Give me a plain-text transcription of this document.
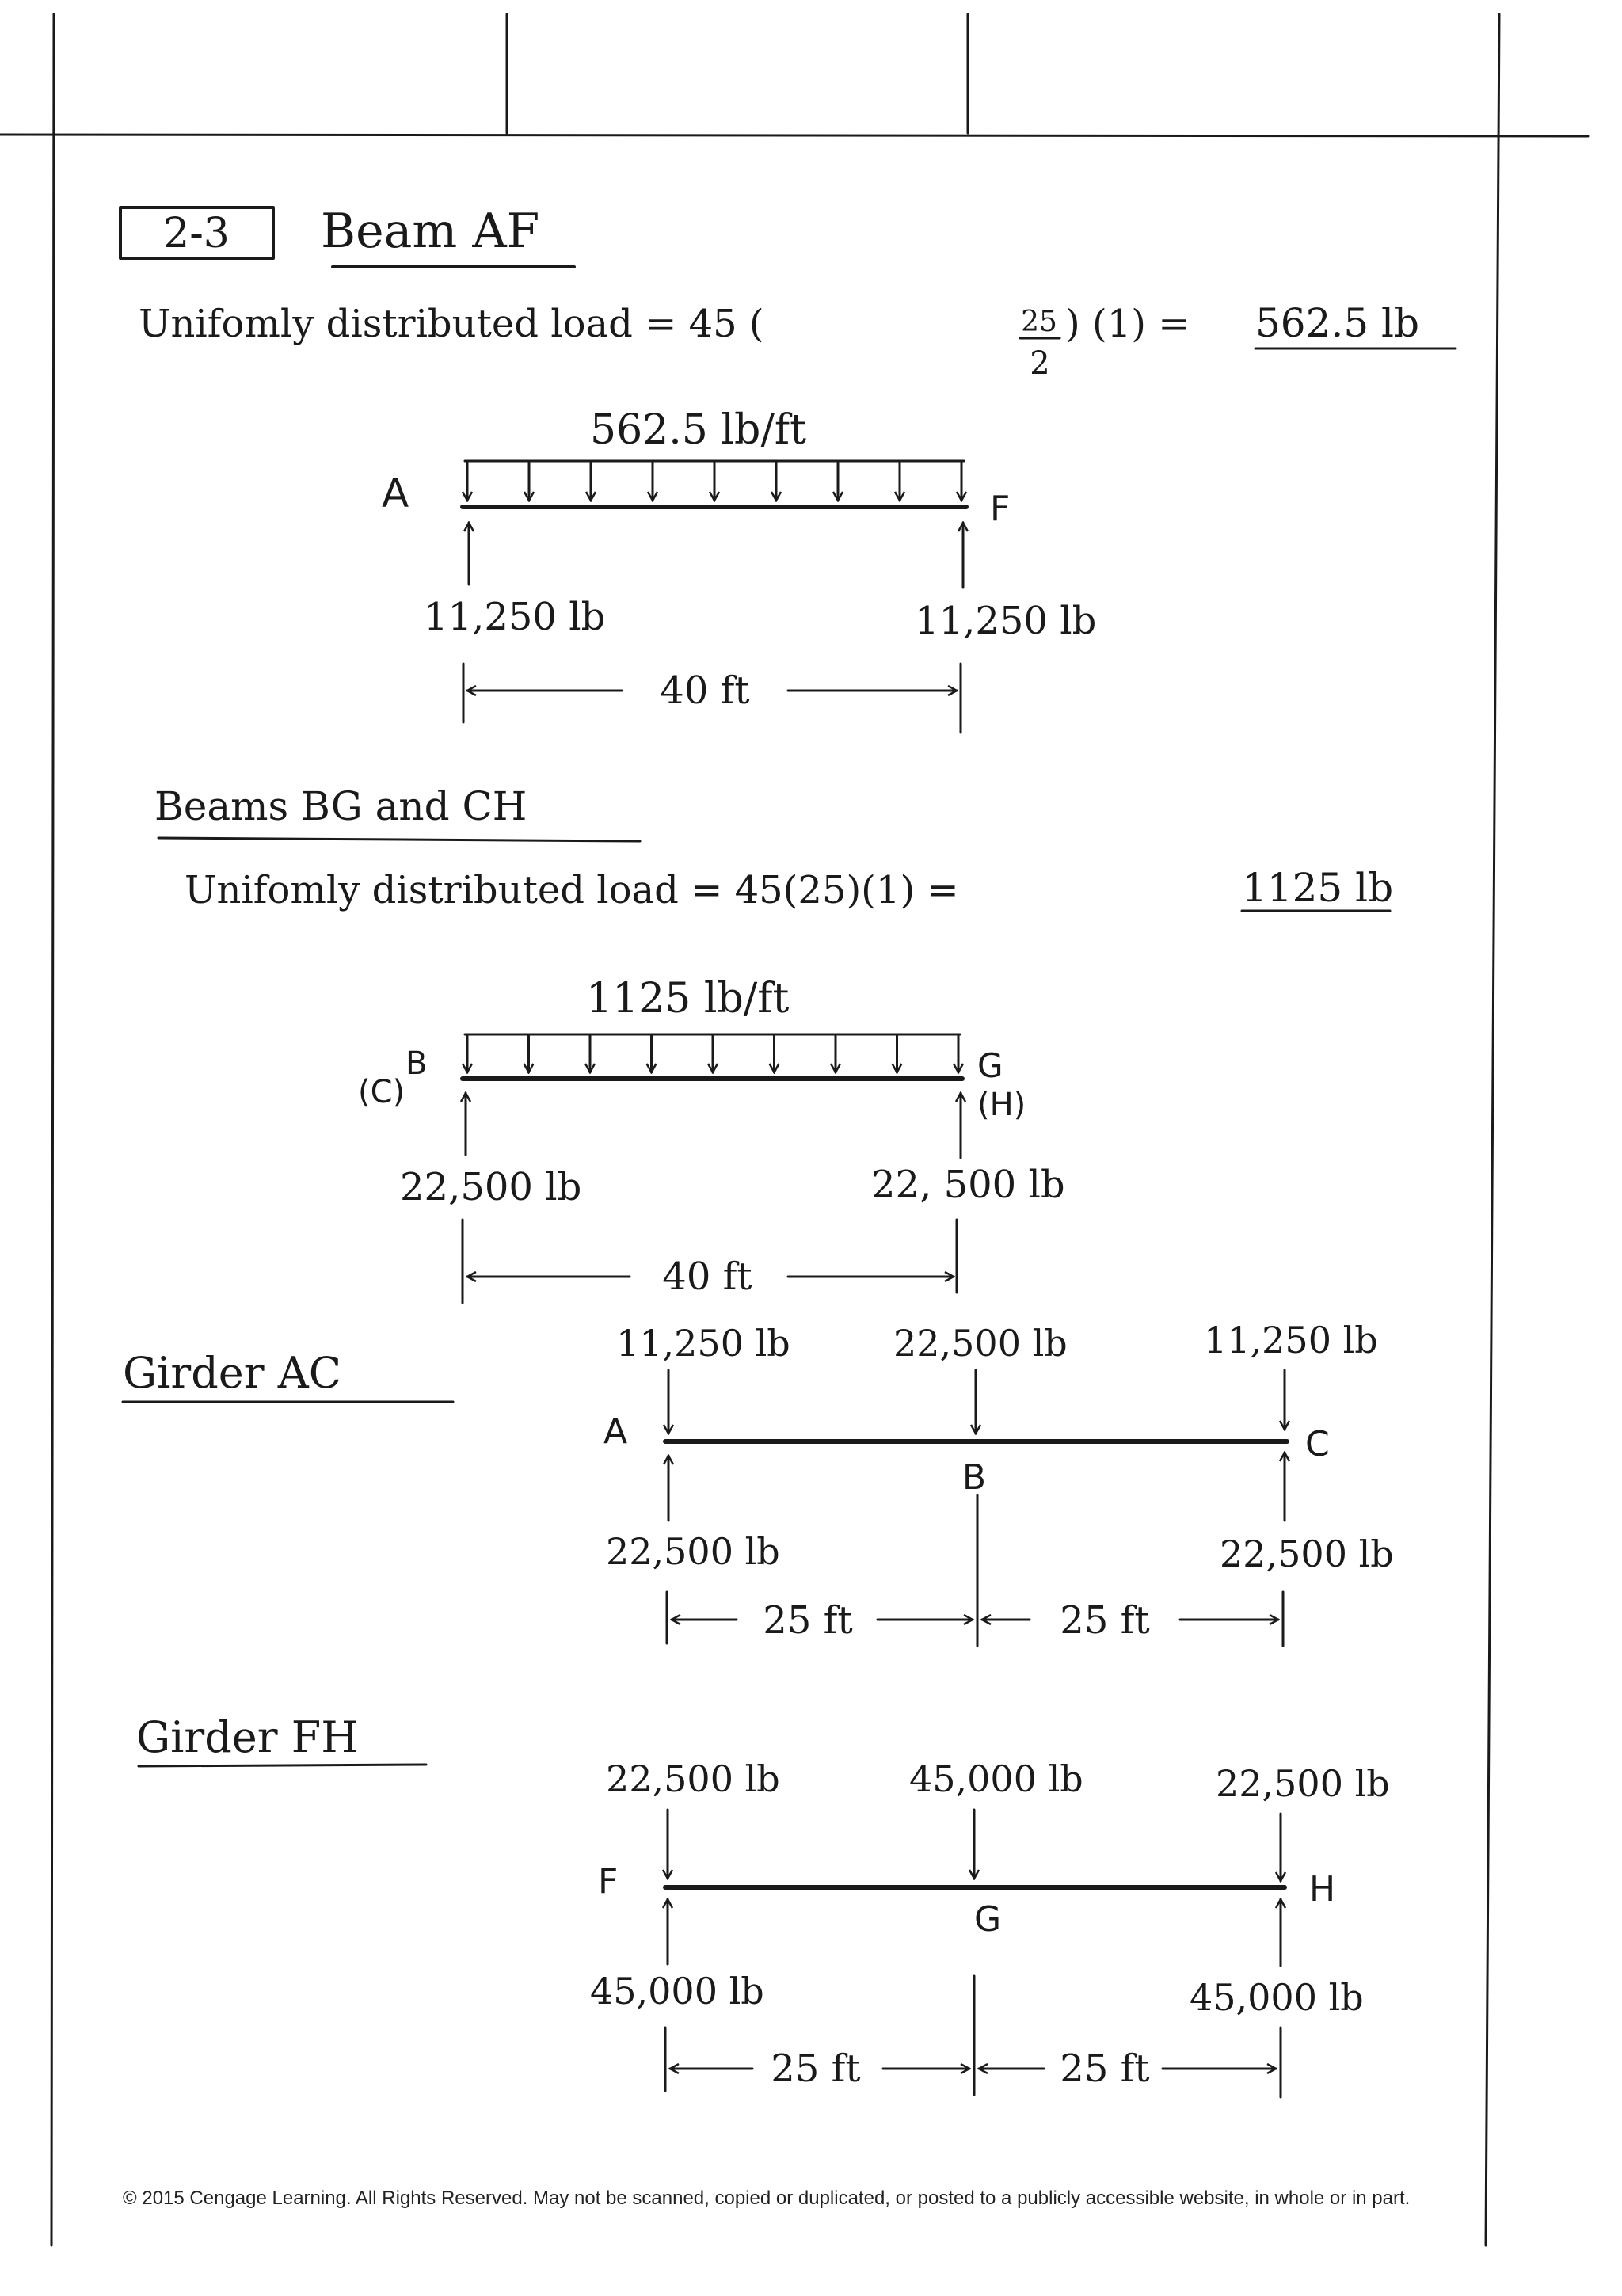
2-3 Beam AF
Unifomly distributed load = 45 (	25
2
) (1) = 562.5 lb
562.5 lb/ft
A	F
11,250 lb	11,250 lb
40 ft
Beams BG and CH
Unifomly distributed load = 45(25)(1) =	1125 lb
1125 lb/ft
B
(C)
G
(H)
22,500 lb	22, 500 lb
40 ft
Girder AC
11,250 lb	22,500 lb	11,250 lb
A
B
C
22,500 lb	22,500 lb
25 ft	25 ft
Girder FH
22,500 lb	45,000 lb	22,500 lb
F
G
H
45,000 lb	45,000 lb
25 ft	25 ft
© 2015 Cengage Learning. All Rights Reserved. May not be scanned, copied or duplicated, or posted to a publicly accessible website, in whole or in part.
